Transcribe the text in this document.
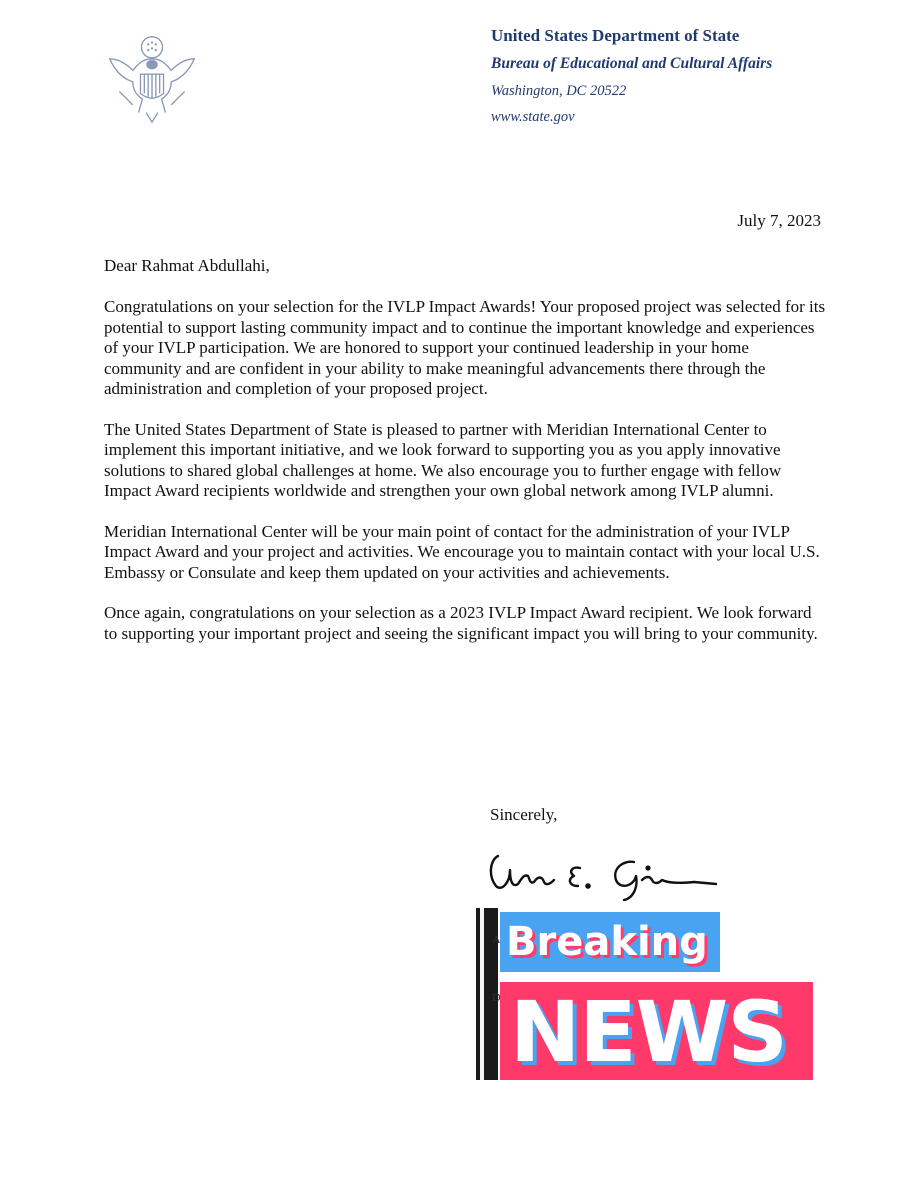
United States Department of State
Bureau of Educational and Cultural Affairs
Washington, DC 20522
www.state.gov
July 7, 2023
Dear Rahmat Abdullahi,

Congratulations on your selection for the IVLP Impact Awards! Your proposed project was selected for its potential to support lasting community impact and to continue the important knowledge and experiences of your IVLP participation. We are honored to support your continued leadership in your home community and are confident in your ability to make meaningful advancements there through the administration and completion of your proposed project.

The United States Department of State is pleased to partner with Meridian International Center to implement this important initiative, and we look forward to supporting you as you apply innovative solutions to shared global challenges at home. We also encourage you to further engage with fellow Impact Award recipients worldwide and strengthen your own global network among IVLP alumni.

Meridian International Center will be your main point of contact for the administration of your IVLP Impact Award and your project and activities. We encourage you to maintain contact with your local U.S. Embassy or Consulate and keep them updated on your activities and achievements.

Once again, congratulations on your selection as a 2023 IVLP Impact Award recipient. We look forward to supporting your important project and seeing the significant impact you will bring to your community.

Sincerely,
Breaking
NEWS
A
D
